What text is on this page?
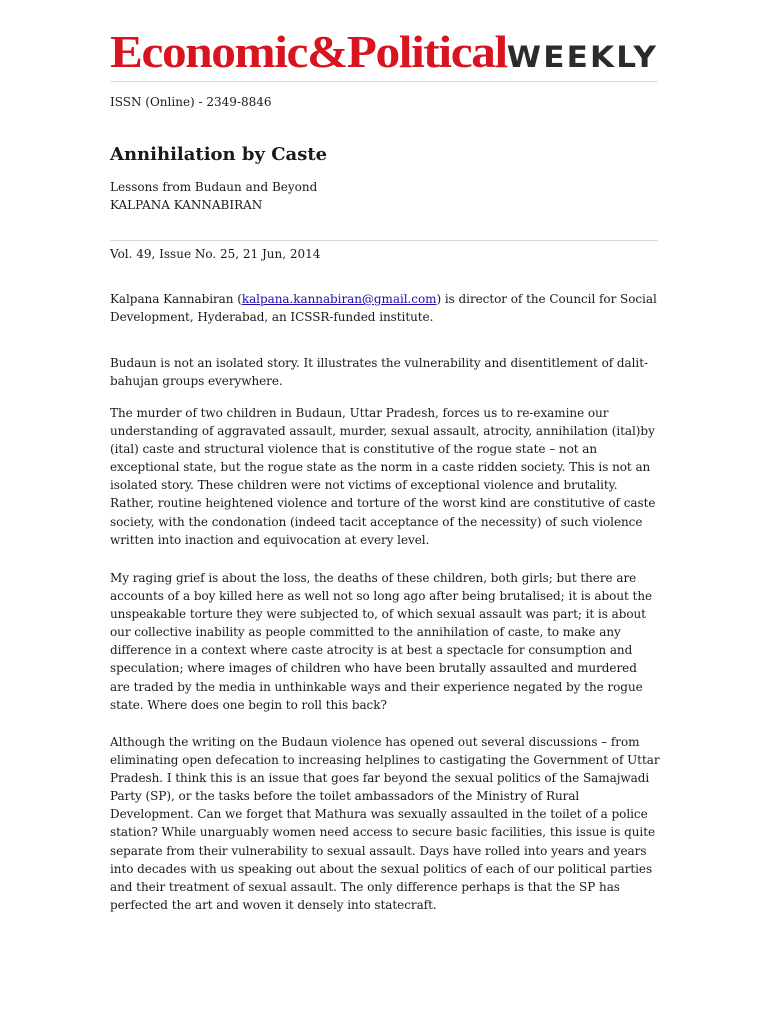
Economic&PoliticalWEEKLY
ISSN (Online) - 2349-8846
Annihilation by Caste
Lessons from Budaun and Beyond
KALPANA KANNABIRAN
Vol. 49, Issue No. 25, 21 Jun, 2014

Kalpana Kannabiran (kalpana.kannabiran@gmail.com) is director of the Council for Social Development, Hyderabad, an ICSSR-funded institute.

Budaun is not an isolated story. It illustrates the vulnerability and disentitlement of dalit-bahujan groups everywhere.

The murder of two children in Budaun, Uttar Pradesh, forces us to re-examine our understanding of aggravated assault, murder, sexual assault, atrocity, annihilation (ital)by (ital) caste and structural violence that is constitutive of the rogue state – not an exceptional state, but the rogue state as the norm in a caste ridden society. This is not an isolated story. These children were not victims of exceptional violence and brutality. Rather, routine heightened violence and torture of the worst kind are constitutive of caste society, with the condonation (indeed tacit acceptance of the necessity) of such violence written into inaction and equivocation at every level.

My raging grief is about the loss, the deaths of these children, both girls; but there are accounts of a boy killed here as well not so long ago after being brutalised; it is about the unspeakable torture they were subjected to, of which sexual assault was part; it is about our collective inability as people committed to the annihilation of caste, to make any difference in a context where caste atrocity is at best a spectacle for consumption and speculation; where images of children who have been brutally assaulted and murdered are traded by the media in unthinkable ways and their experience negated by the rogue state. Where does one begin to roll this back?

Although the writing on the Budaun violence has opened out several discussions – from eliminating open defecation to increasing helplines to castigating the Government of Uttar Pradesh. I think this is an issue that goes far beyond the sexual politics of the Samajwadi Party (SP), or the tasks before the toilet ambassadors of the Ministry of Rural Development. Can we forget that Mathura was sexually assaulted in the toilet of a police station? While unarguably women need access to secure basic facilities, this issue is quite separate from their vulnerability to sexual assault. Days have rolled into years and years into decades with us speaking out about the sexual politics of each of our political parties and their treatment of sexual assault. The only difference perhaps is that the SP has perfected the art and woven it densely into statecraft.
